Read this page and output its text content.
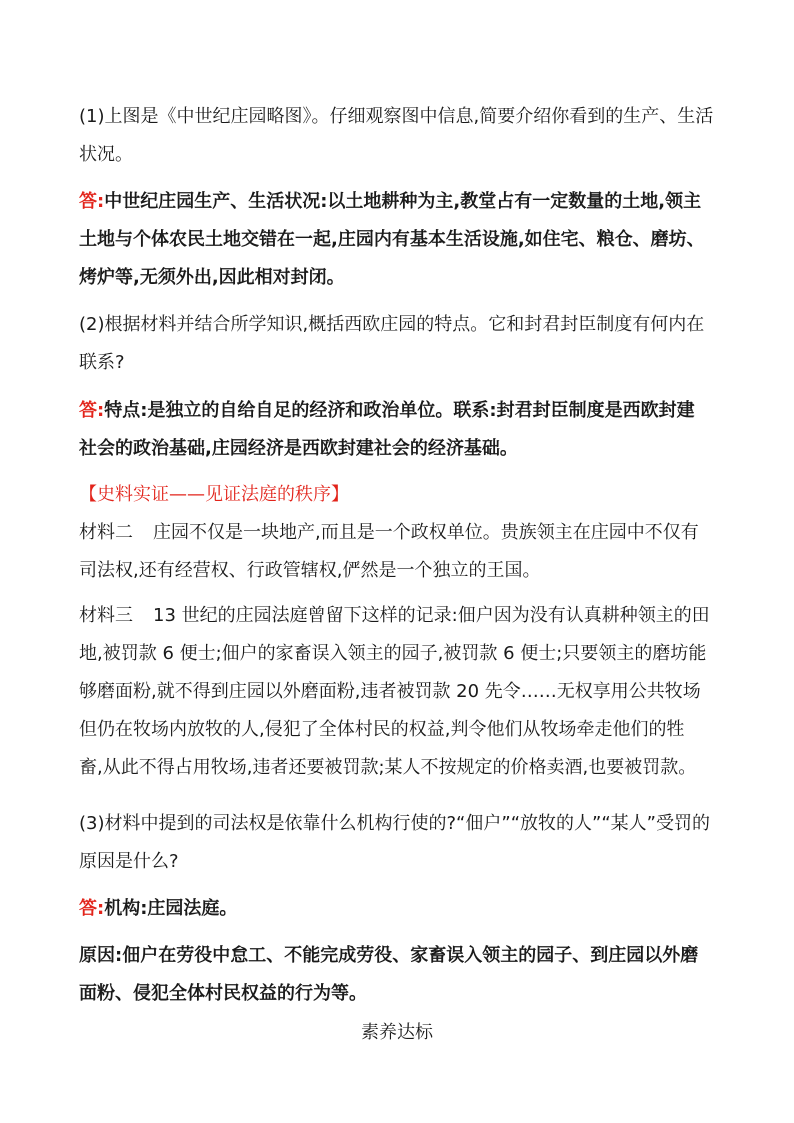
(1)上图是《中世纪庄园略图》。仔细观察图中信息,简要介绍你看到的生产、生活

状况。

答:中世纪庄园生产、生活状况:以土地耕种为主,教堂占有一定数量的土地,领主

土地与个体农民土地交错在一起,庄园内有基本生活设施,如住宅、粮仓、磨坊、

烤炉等,无须外出,因此相对封闭。

(2)根据材料并结合所学知识,概括西欧庄园的特点。它和封君封臣制度有何内在

联系?

答:特点:是独立的自给自足的经济和政治单位。联系:封君封臣制度是西欧封建

社会的政治基础,庄园经济是西欧封建社会的经济基础。

【史料实证——见证法庭的秩序】

材料二 庄园不仅是一块地产,而且是一个政权单位。贵族领主在庄园中不仅有

司法权,还有经营权、行政管辖权,俨然是一个独立的王国。

材料三 13 世纪的庄园法庭曾留下这样的记录:佃户因为没有认真耕种领主的田

地,被罚款 6 便士;佃户的家畜误入领主的园子,被罚款 6 便士;只要领主的磨坊能

够磨面粉,就不得到庄园以外磨面粉,违者被罚款 20 先令……无权享用公共牧场

但仍在牧场内放牧的人,侵犯了全体村民的权益,判令他们从牧场牵走他们的牲

畜,从此不得占用牧场,违者还要被罚款;某人不按规定的价格卖酒,也要被罚款。

(3)材料中提到的司法权是依靠什么机构行使的?“佃户”“放牧的人”“某人”受罚的

原因是什么?

答:机构:庄园法庭。

原因:佃户在劳役中怠工、不能完成劳役、家畜误入领主的园子、到庄园以外磨

面粉、侵犯全体村民权益的行为等。

素养达标
